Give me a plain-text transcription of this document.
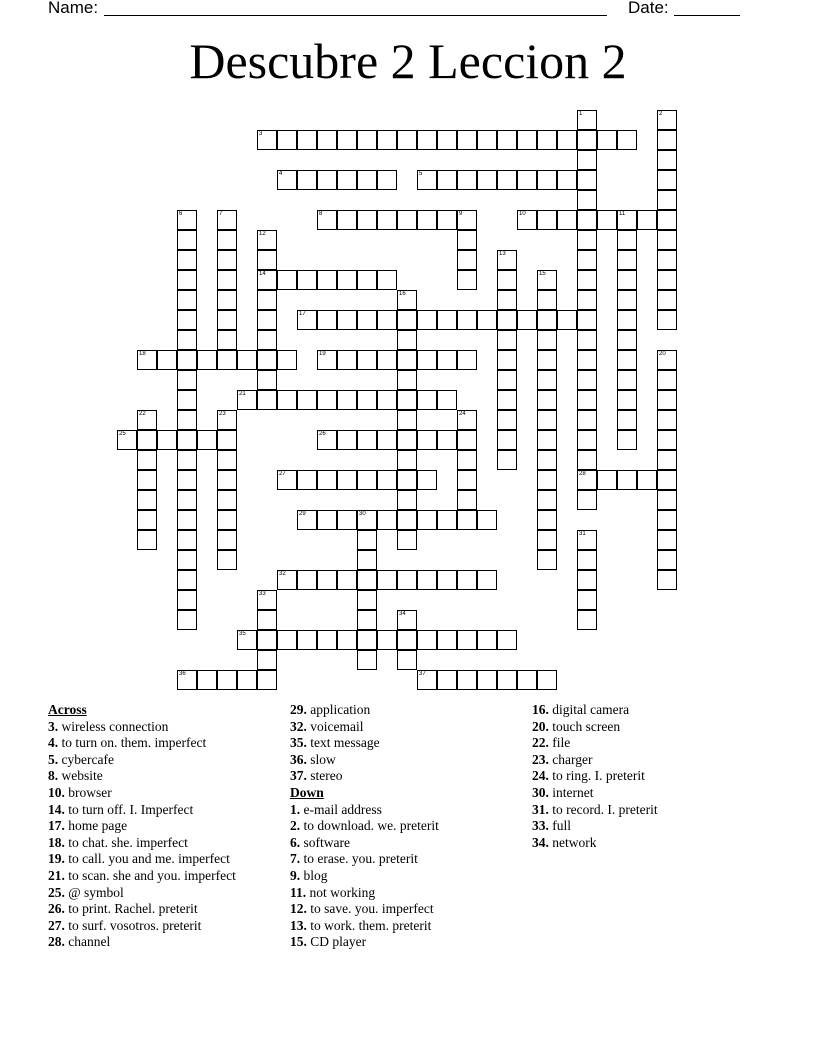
Name:	Date:
Descubre 2 Leccion 2
1
28
2
3
4	5
6	7	8	9	10	11
12
14
13
15
16
17
18	19	20
21
22	23	24
25	26
27
29	30
31
32
33
34
35
36	37
Across
3. wireless connection
4. to turn on. them. imperfect
5. cybercafe
8. website
10. browser
14. to turn off. I. Imperfect
17. home page
18. to chat. she. imperfect
19. to call. you and me. imperfect
21. to scan. she and you. imperfect
25. @ symbol
26. to print. Rachel. preterit
27. to surf. vosotros. preterit
28. channel
29. application
32. voicemail
35. text message
36. slow
37. stereo
Down
1. e-mail address
2. to download. we. preterit
6. software
7. to erase. you. preterit
9. blog
11. not working
12. to save. you. imperfect
13. to work. them. preterit
15. CD player
16. digital camera
20. touch screen
22. file
23. charger
24. to ring. I. preterit
30. internet
31. to record. I. preterit
33. full
34. network
